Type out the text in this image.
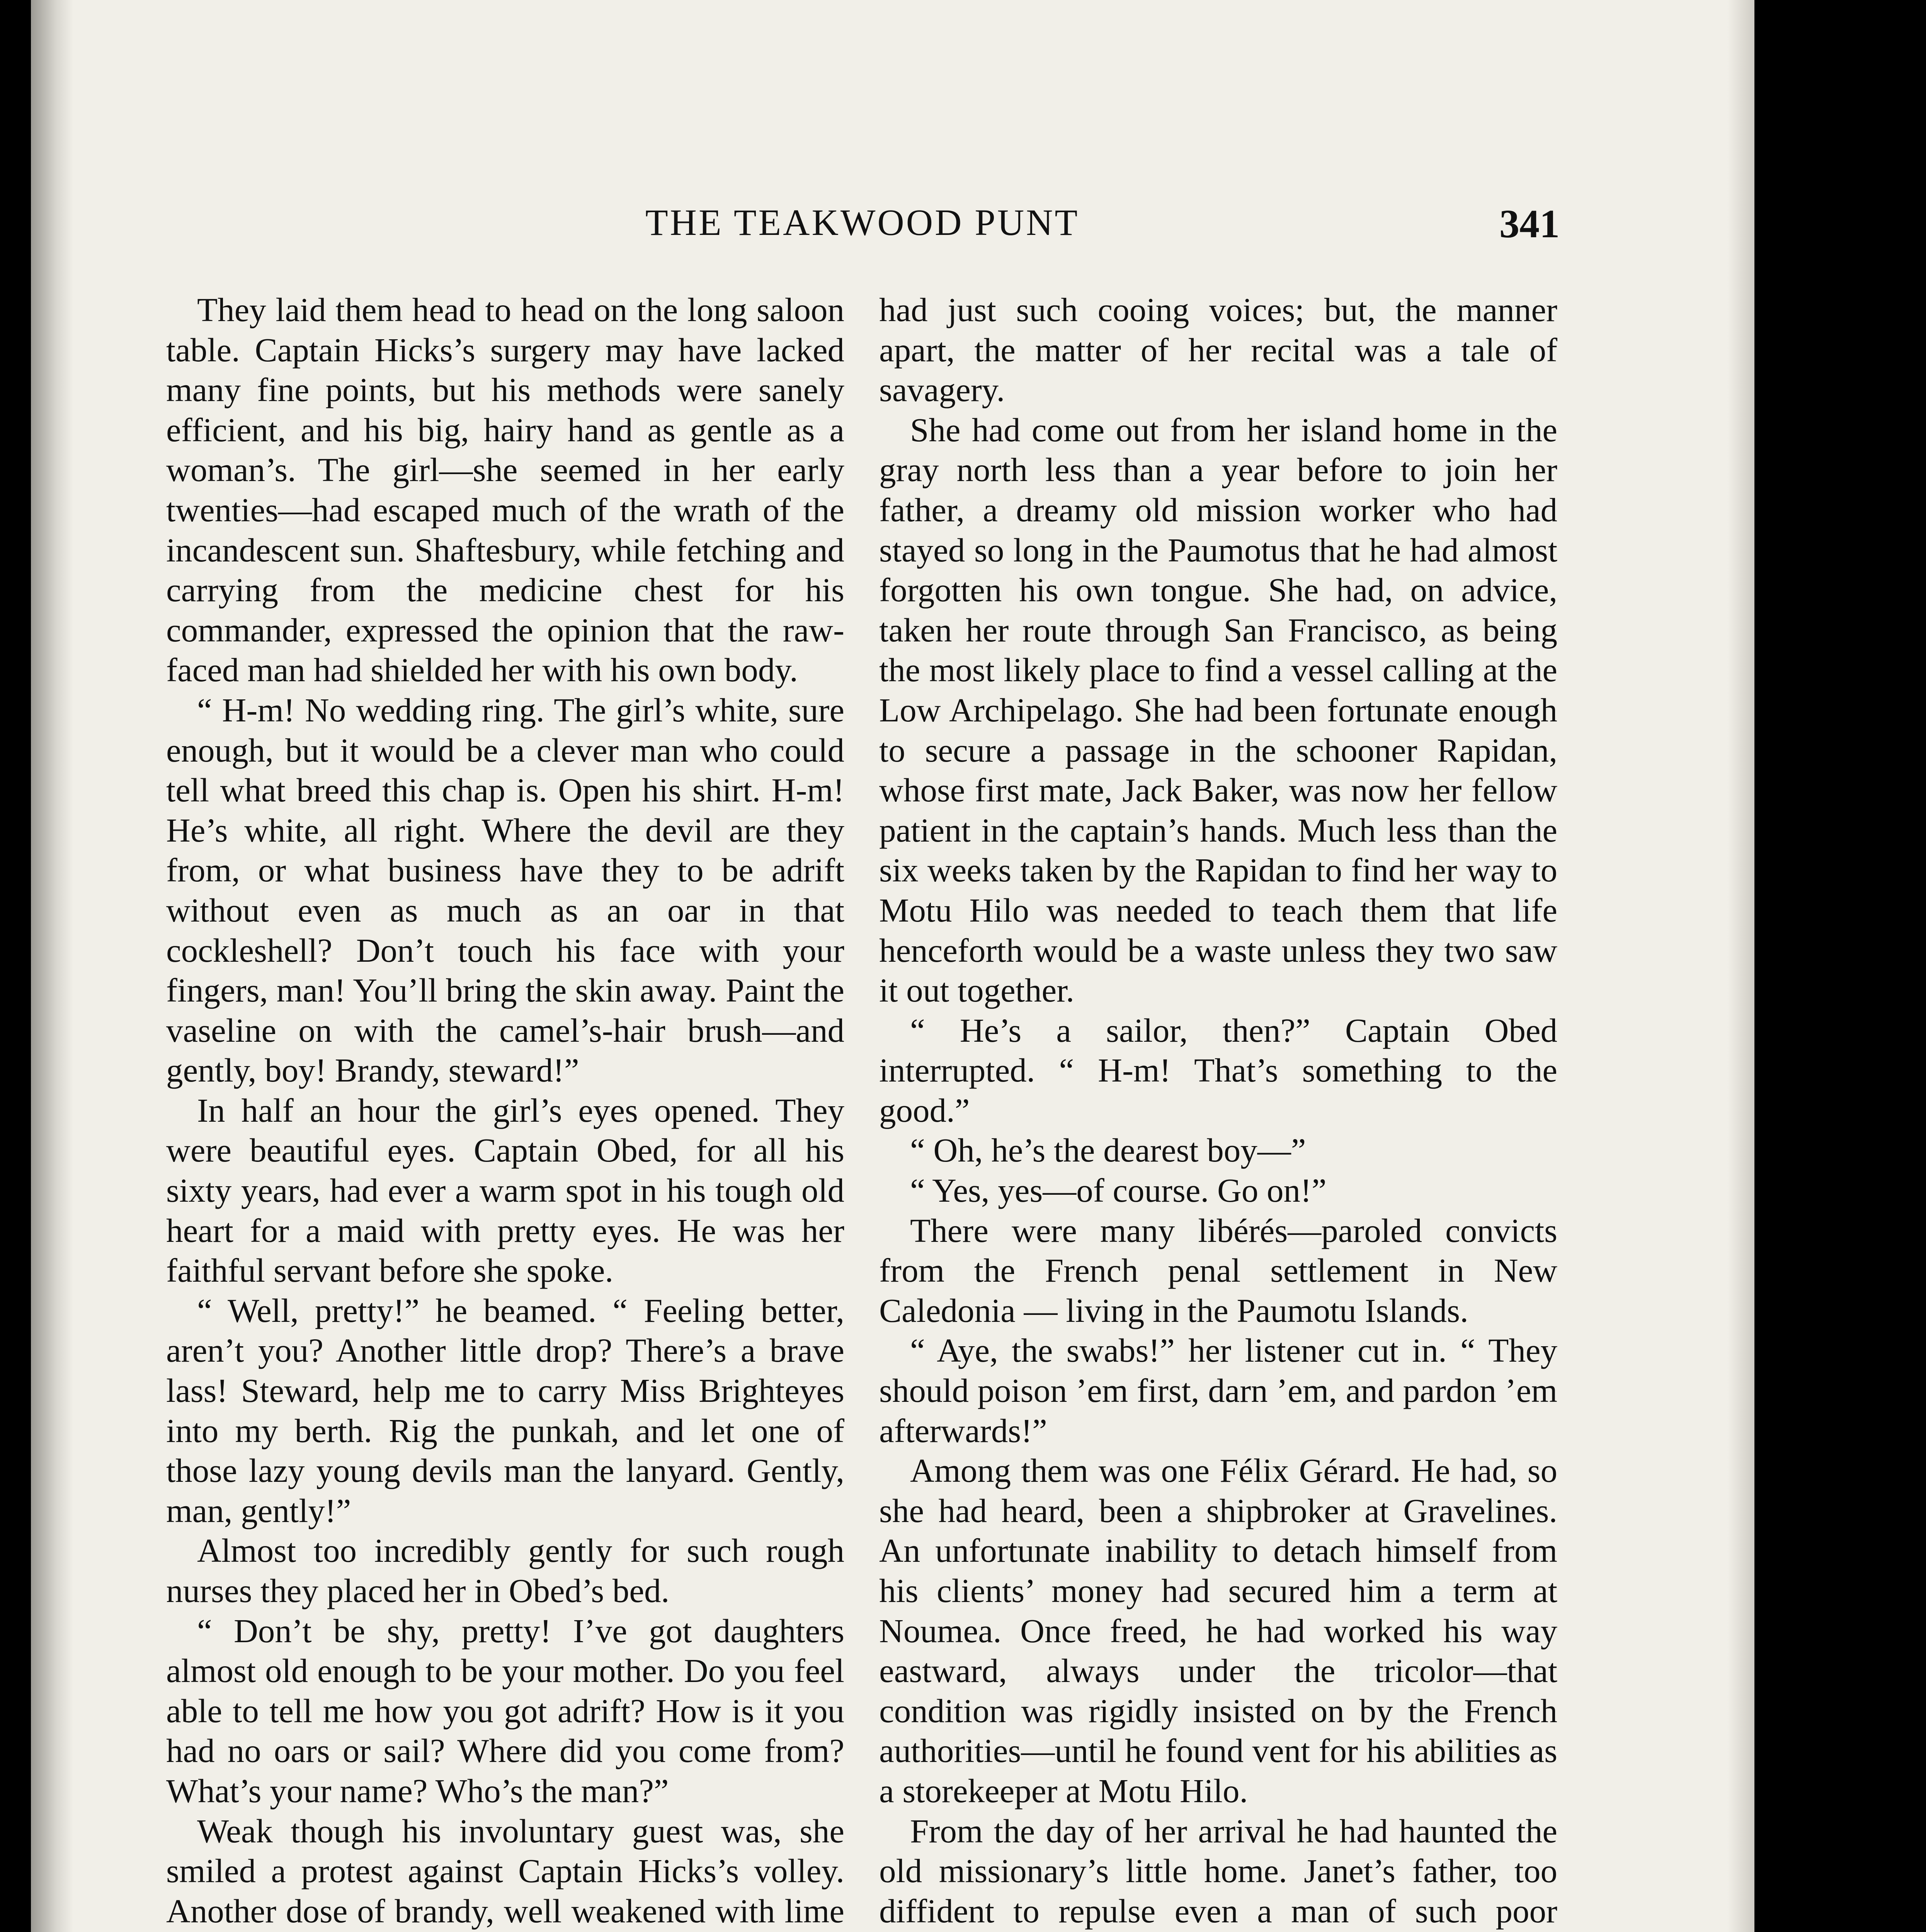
THE TEAKWOOD PUNT	341

They laid them head to head on the long saloon table. Captain Hicks’s surgery may have lacked many fine points, but his methods were sanely efficient, and his big, hairy hand as gentle as a woman’s. The girl—she seemed in her early twenties—had escaped much of the wrath of the incandescent sun. Shaftesbury, while fetching and carrying from the medicine chest for his commander, expressed the opinion that the raw-faced man had shielded her with his own body.

“ H-m! No wedding ring. The girl’s white, sure enough, but it would be a clever man who could tell what breed this chap is. Open his shirt. H-m! He’s white, all right. Where the devil are they from, or what business have they to be adrift without even as much as an oar in that cockleshell? Don’t touch his face with your fingers, man! You’ll bring the skin away. Paint the vaseline on with the camel’s-hair brush—and gently, boy! Brandy, steward!”

In half an hour the girl’s eyes opened. They were beautiful eyes. Captain Obed, for all his sixty years, had ever a warm spot in his tough old heart for a maid with pretty eyes. He was her faithful servant before she spoke.

“ Well, pretty!” he beamed. “ Feeling better, aren’t you? Another little drop? There’s a brave lass! Steward, help me to carry Miss Brighteyes into my berth. Rig the punkah, and let one of those lazy young devils man the lanyard. Gently, man, gently!”

Almost too incredibly gently for such rough nurses they placed her in Obed’s bed.

“ Don’t be shy, pretty! I’ve got daughters almost old enough to be your mother. Do you feel able to tell me how you got adrift? How is it you had no oars or sail? Where did you come from? What’s your name? Who’s the man?”

Weak though his involuntary guest was, she smiled a protest against Captain Hicks’s volley. Another dose of brandy, well weakened with lime

had just such cooing voices; but, the manner apart, the matter of her recital was a tale of savagery.

She had come out from her island home in the gray north less than a year before to join her father, a dreamy old mission worker who had stayed so long in the Paumotus that he had almost forgotten his own tongue. She had, on advice, taken her route through San Francisco, as being the most likely place to find a vessel calling at the Low Archipelago. She had been fortunate enough to secure a passage in the schooner Rapidan, whose first mate, Jack Baker, was now her fellow patient in the captain’s hands. Much less than the six weeks taken by the Rapidan to find her way to Motu Hilo was needed to teach them that life henceforth would be a waste unless they two saw it out together.

“ He’s a sailor, then?” Captain Obed interrupted. “ H-m! That’s something to the good.”

“ Oh, he’s the dearest boy—”

“ Yes, yes—of course. Go on!”

There were many libérés—paroled convicts from the French penal settlement in New Caledonia — living in the Paumotu Islands.

“ Aye, the swabs!” her listener cut in. “ They should poison ’em first, darn ’em, and pardon ’em afterwards!”

Among them was one Félix Gérard. He had, so she had heard, been a shipbroker at Gravelines. An unfortunate inability to detach himself from his clients’ money had secured him a term at Noumea. Once freed, he had worked his way eastward, always under the tricolor—that condition was rigidly insisted on by the French authorities—until he found vent for his abilities as a storekeeper at Motu Hilo.

From the day of her arrival he had haunted the old missionary’s little home. Janet’s father, too diffident to repulse even a man of such poor
